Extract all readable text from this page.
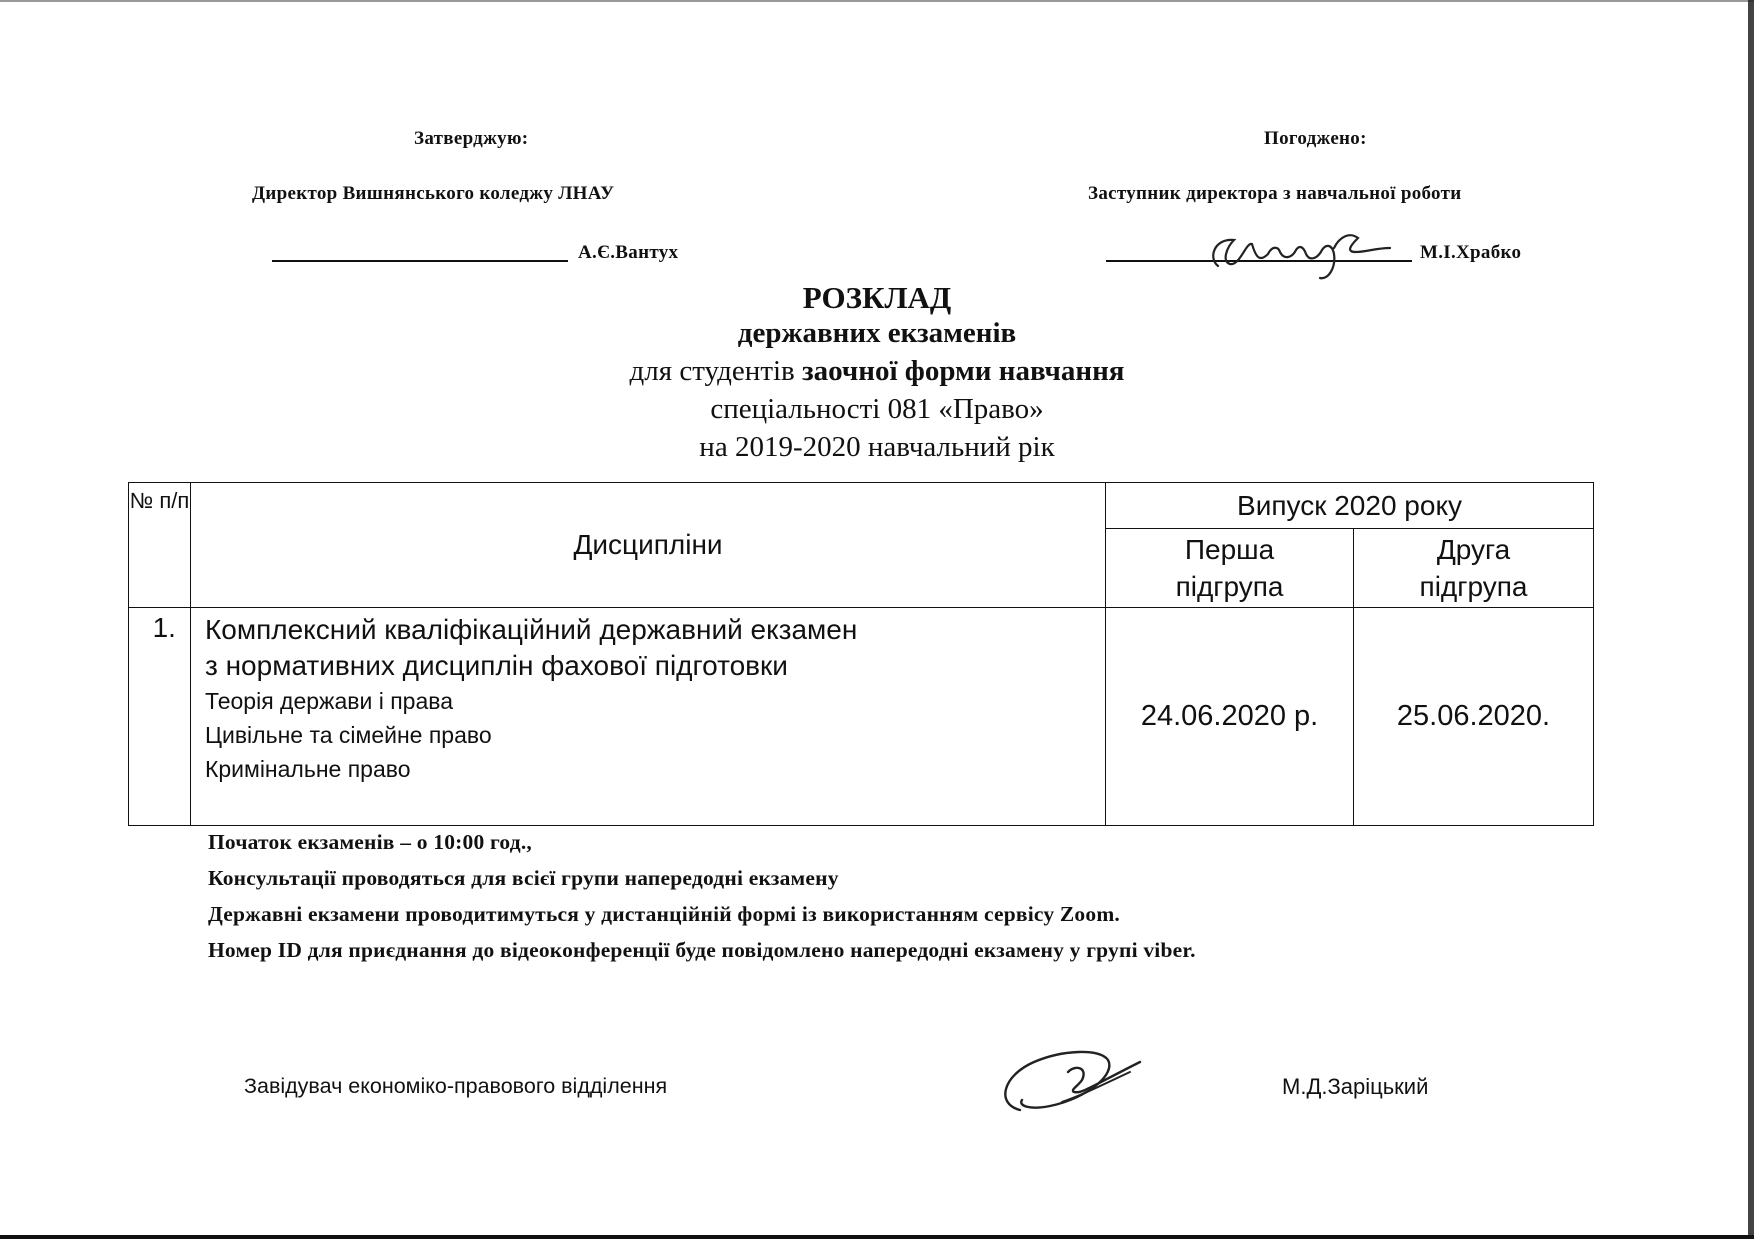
Затверджую:
Директор Вишнянського коледжу ЛНАУ
А.Є.Вантух
Погоджено:
Заступник директора з навчальної роботи
М.І.Храбко
РОЗКЛАД
державних екзаменів
для студентів заочної форми навчання
спеціальності 081 «Право»
на 2019-2020 навчальний рік
№ п/п	Дисципліни	Випуск 2020 року	
		Перша підгрупа	Друга підгрупа
1.	Комплексний кваліфікаційний державний екзамен
з нормативних дисциплін фахової підготовки
Теорія держави і права
Цивільне та сімейне право
Кримінальне право	24.06.2020 р.	25.06.2020.
Початок екзаменів – о 10:00 год.,
Консультації проводяться для всієї групи напередодні екзамену
Державні екзамени проводитимуться у дистанційній формі із використанням сервісу Zoom.
Номер ID для приєднання до відеоконференції буде повідомлено напередодні екзамену у групі viber.
Завідувач економіко-правового відділення	М.Д.Заріцький
